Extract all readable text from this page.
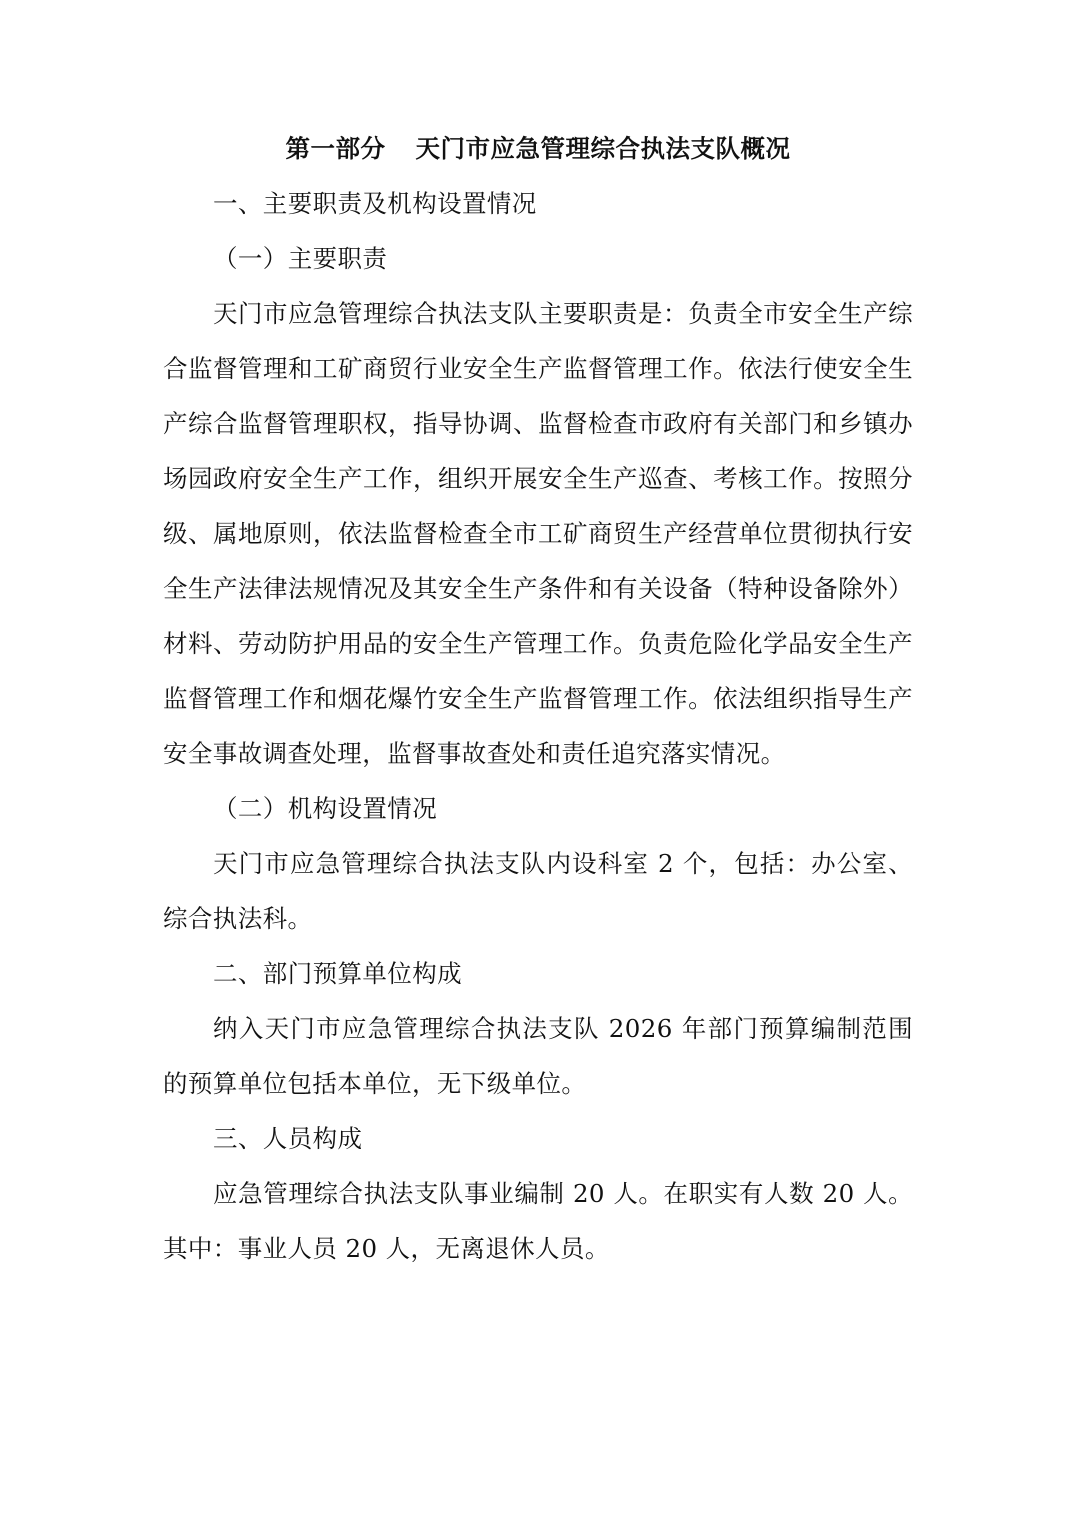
第一部分 天门市应急管理综合执法支队概况

一、主要职责及机构设置情况

（一）主要职责

天门市应急管理综合执法支队主要职责是：负责全市安全生产综合监督管理和工矿商贸行业安全生产监督管理工作。依法行使安全生产综合监督管理职权，指导协调、监督检查市政府有关部门和乡镇办场园政府安全生产工作，组织开展安全生产巡查、考核工作。按照分级、属地原则，依法监督检查全市工矿商贸生产经营单位贯彻执行安全生产法律法规情况及其安全生产条件和有关设备（特种设备除外）材料、劳动防护用品的安全生产管理工作。负责危险化学品安全生产监督管理工作和烟花爆竹安全生产监督管理工作。依法组织指导生产安全事故调查处理，监督事故查处和责任追究落实情况。

（二）机构设置情况

天门市应急管理综合执法支队内设科室 2 个，包括：办公室、综合执法科。

二、部门预算单位构成

纳入天门市应急管理综合执法支队 2026 年部门预算编制范围的预算单位包括本单位，无下级单位。

三、人员构成

应急管理综合执法支队事业编制 20 人。在职实有人数 20 人。其中：事业人员 20 人，无离退休人员。
